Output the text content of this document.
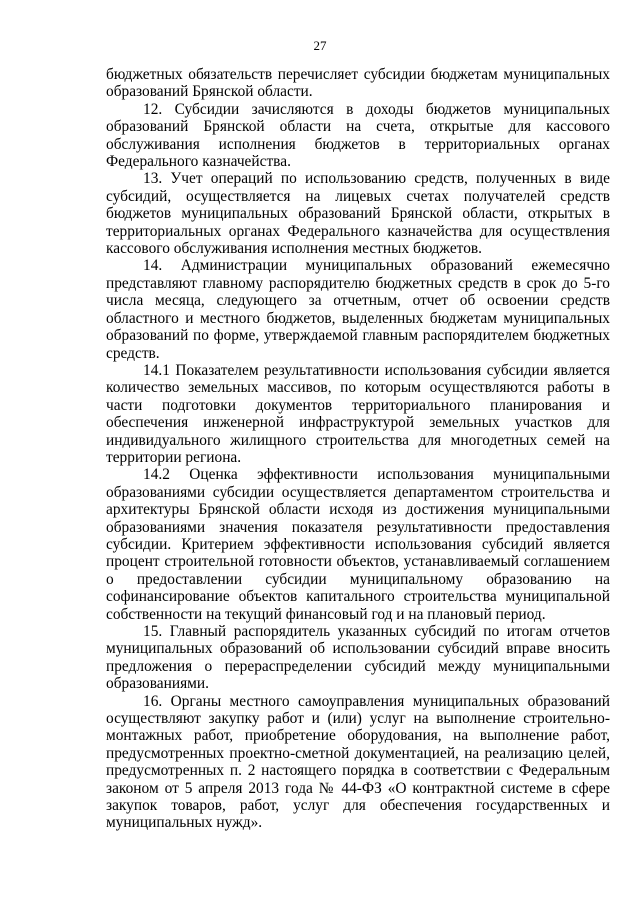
27

бюджетных обязательств перечисляет субсидии бюджетам муниципальных образований Брянской области.

12. Субсидии зачисляются в доходы бюджетов муниципальных образований Брянской области на счета, открытые для кассового обслуживания исполнения бюджетов в территориальных органах Федерального казначейства.

13. Учет операций по использованию средств, полученных в виде субсидий, осуществляется на лицевых счетах получателей средств бюджетов муниципальных образований Брянской области, открытых в территориальных органах Федерального казначейства для осуществления кассового обслуживания исполнения местных бюджетов.

14. Администрации муниципальных образований ежемесячно представляют главному распорядителю бюджетных средств в срок до 5-го числа месяца, следующего за отчетным, отчет об освоении средств областного и местного бюджетов, выделенных бюджетам муниципальных образований по форме, утверждаемой главным распорядителем бюджетных средств.

14.1 Показателем результативности использования субсидии является количество земельных массивов, по которым осуществляются работы в части подготовки документов территориального планирования и обеспечения инженерной инфраструктурой земельных участков для индивидуального жилищного строительства для многодетных семей на территории региона.

14.2 Оценка эффективности использования муниципальными образованиями субсидии осуществляется департаментом строительства и архитектуры Брянской области исходя из достижения муниципальными образованиями значения показателя результативности предоставления субсидии. Критерием эффективности использования субсидий является процент строительной готовности объектов, устанавливаемый соглашением о предоставлении субсидии муниципальному образованию на софинансирование объектов капитального строительства муниципальной собственности на текущий финансовый год и на плановый период.

15. Главный распорядитель указанных субсидий по итогам отчетов муниципальных образований об использовании субсидий вправе вносить предложения о перераспределении субсидий между муниципальными образованиями.

16. Органы местного самоуправления муниципальных образований осуществляют закупку работ и (или) услуг на выполнение строительно-монтажных работ, приобретение оборудования, на выполнение работ, предусмотренных проектно-сметной документацией, на реализацию целей, предусмотренных п. 2 настоящего порядка в соответствии с Федеральным законом от 5 апреля 2013 года № 44-ФЗ «О контрактной системе в сфере закупок товаров, работ, услуг для обеспечения государственных и муниципальных нужд».
